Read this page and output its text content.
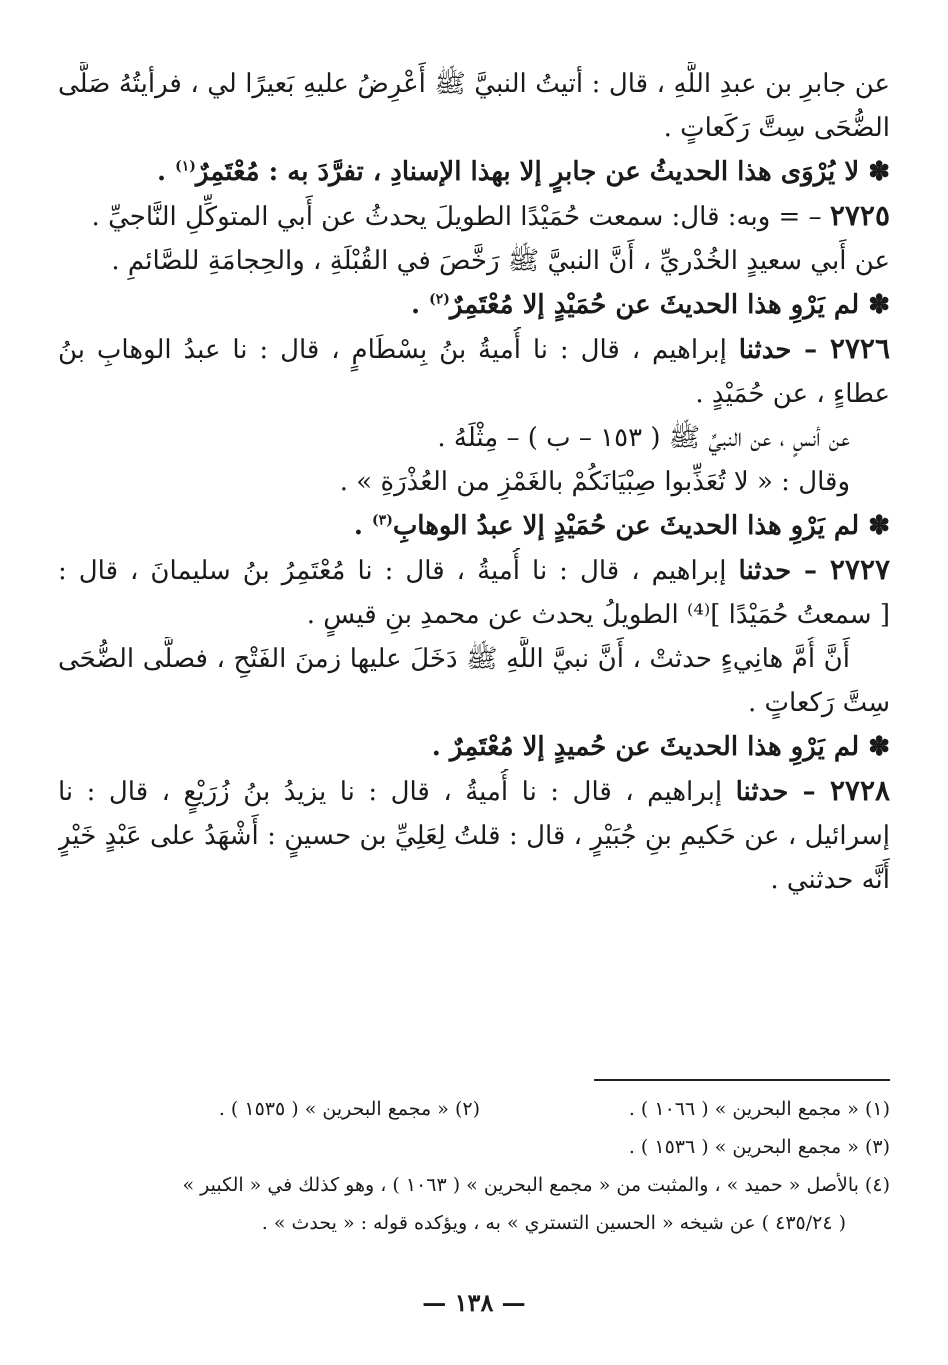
عن جابرِ بن عبدِ اللَّهِ ، قال : أتيتُ النبيَّ ﷺ أَعْرِضُ عليهِ بَعيرًا لي ، فرأيتُهُ صَلَّى
الضُّحَى سِتَّ رَكَعاتٍ .
✽ لا يُرْوَى هذا الحديثُ عن جابرٍ إلا بهذا الإسنادِ ، تفرَّدَ به : مُعْتَمِرٌ$^{(١)}$ .
٢٧٢٥ – = وبه: قال: سمعت حُمَيْدًا الطويلَ يحدثُ عن أَبي المتوكِّلِ النَّاجيِّ .
عن أَبي سعيدٍ الخُدْريِّ ، أَنَّ النبيَّ ﷺ رَخَّصَ في القُبْلَةِ ، والحِجامَةِ للصَّائمِ .
✽ لم يَرْوِ هذا الحديثَ عن حُمَيْدٍ إلا مُعْتَمِرٌ$^{(٢)}$ .
٢٧٢٦ – حدثنا إبراهيم ، قال : نا أُميةُ بنُ بِسْطَامٍ ، قال : نا عبدُ الوهابِ بنُ
عطاءٍ ، عن حُمَيْدٍ .
عن أنسٍ ، عن النبيِّ ﷺ ( ١٥٣ – ب ) – مِثْلَهُ .
وقال : « لا تُعَذِّبوا صِبْيَانَكُمْ بالغَمْزِ من العُذْرَةِ » .
✽ لم يَرْوِ هذا الحديثَ عن حُمَيْدٍ إلا عبدُ الوهابِ$^{(٣)}$ .
٢٧٢٧ – حدثنا إبراهيم ، قال : نا أُميةُ ، قال : نا مُعْتَمِرُ بنُ سليمانَ ، قال :
[ سمعتُ حُمَيْدًا ]⁽⁴⁾ الطويلُ يحدث عن محمدِ بنِ قيسٍ .
أَنَّ أُمَّ هانِيءٍ حدثتْ ، أَنَّ نبيَّ اللَّهِ ﷺ دَخَلَ عليها زمنَ الفَتْحِ ، فصلَّى الضُّحَى
سِتَّ رَكعاتٍ .
✽ لم يَرْوِ هذا الحديثَ عن حُميدٍ إلا مُعْتَمِرٌ .
٢٧٢٨ – حدثنا إبراهيم ، قال : نا أُميةُ ، قال : نا يزيدُ بنُ زُرَيْعٍ ، قال : نا
إسرائيل ، عن حَكيمِ بنِ جُبَيْرٍ ، قال : قلتُ لِعَلِيِّ بن حسينٍ : أَشْهَدُ على عَبْدٍ خَيْرٍ
أَنَّه حدثني .
(١) « مجمع البحرين » ( ١٠٦٦ ) .(٢) « مجمع البحرين » ( ١٥٣٥ ) .
(٣) « مجمع البحرين » ( ١٥٣٦ ) .
(٤) بالأصل « حميد » ، والمثبت من « مجمع البحرين » ( ١٠٦٣ ) ، وهو كذلك في « الكبير »
( ٤٣٥/٢٤ ) عن شيخه « الحسين التستري » به ، ويؤكده قوله : « يحدث » .
— ١٣٨ —
